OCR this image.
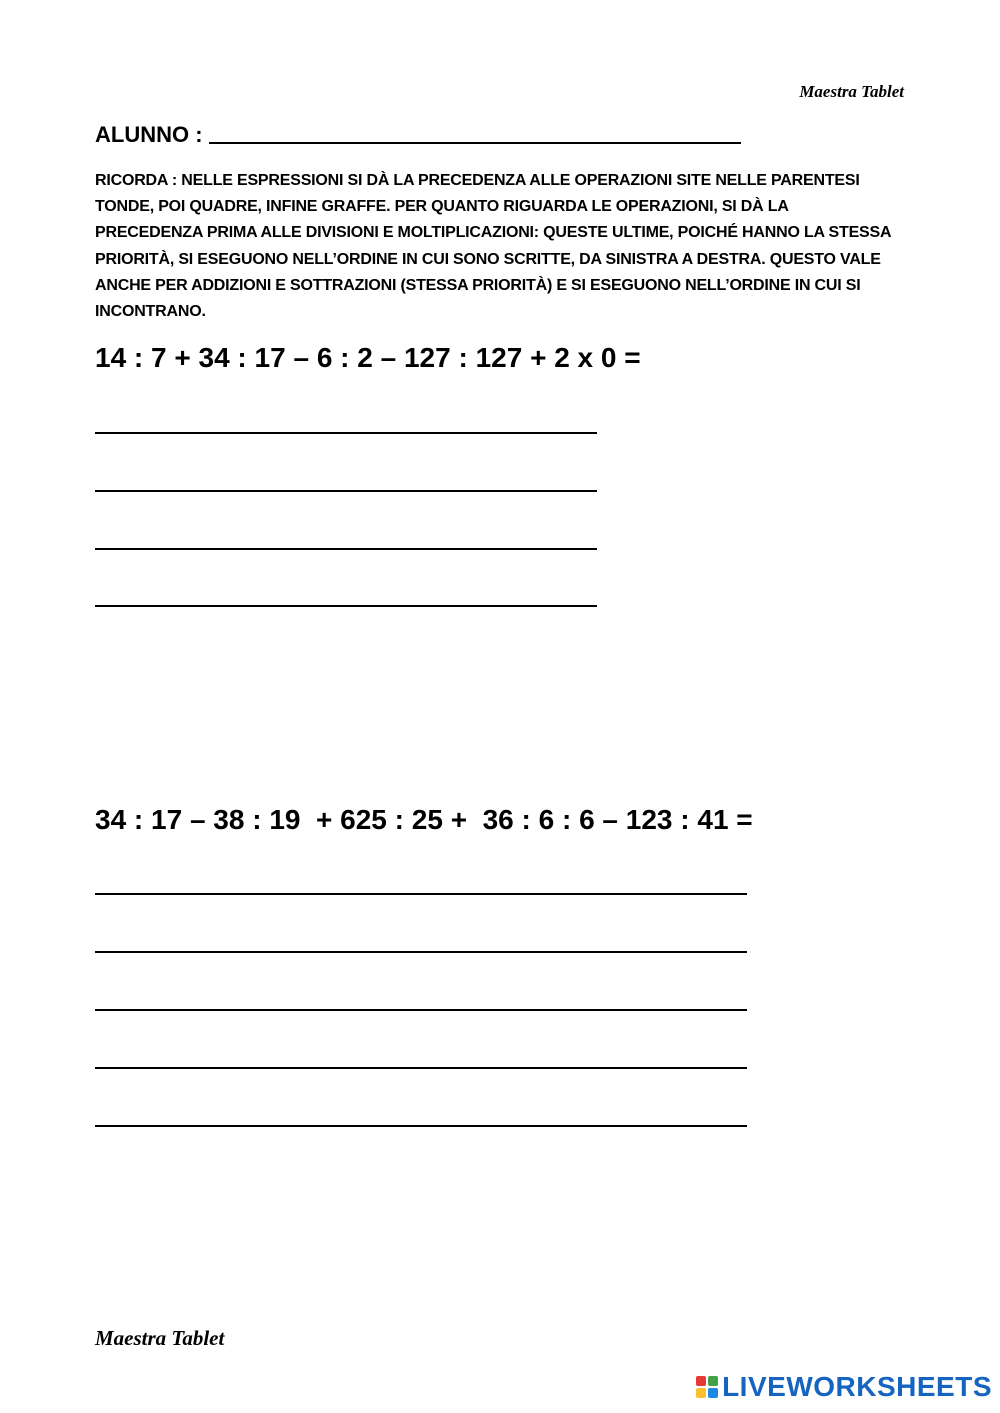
Maestra Tablet
ALUNNO :
RICORDA : NELLE ESPRESSIONI SI DÀ LA PRECEDENZA ALLE OPERAZIONI SITE NELLE PARENTESI TONDE, POI QUADRE, INFINE GRAFFE. PER QUANTO RIGUARDA LE OPERAZIONI, SI DÀ LA PRECEDENZA PRIMA ALLE DIVISIONI E MOLTIPLICAZIONI: QUESTE ULTIME, POICHÉ HANNO LA STESSA PRIORITÀ, SI ESEGUONO NELL’ORDINE IN CUI SONO SCRITTE, DA SINISTRA A DESTRA. QUESTO VALE ANCHE PER ADDIZIONI E SOTTRAZIONI (STESSA PRIORITÀ) E SI ESEGUONO NELL’ORDINE IN CUI SI INCONTRANO.
14 : 7 + 34 : 17 – 6 : 2 – 127 : 127 + 2 x 0 =
34 : 17 – 38 : 19  + 625 : 25 +  36 : 6 : 6 – 123 : 41 =
Maestra Tablet
LIVEWORKSHEETS
